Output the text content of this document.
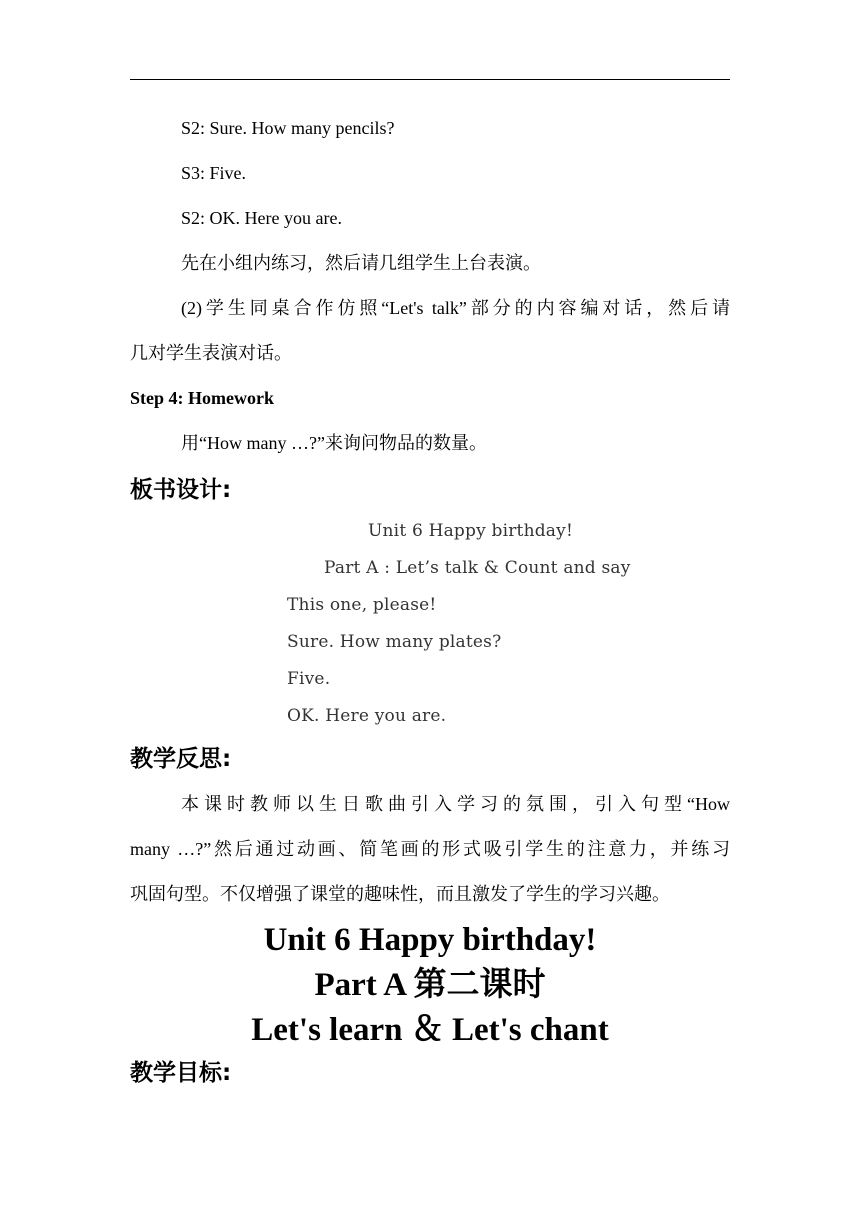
S2: Sure. How many pencils?
S3: Five.
S2: OK. Here you are.
先在小组内练习，然后请几组学生上台表演。
(2)学生同桌合作仿照“Let's talk”部分的内容编对话，然后请
几对学生表演对话。
Step 4: Homework
用“How many …?”来询问物品的数量。
板书设计:
Unit 6 Happy birthday!
Part A : Let’s talk & Count and say
This one, please!
Sure. How many plates?
Five.
OK. Here you are.
教学反思:
本课时教师以生日歌曲引入学习的氛围，引入句型“How
many …?”然后通过动画、简笔画的形式吸引学生的注意力，并练习
巩固句型。不仅增强了课堂的趣味性，而且激发了学生的学习兴趣。
Unit 6 Happy birthday!
Part A 第二课时
Let's learn ＆ Let's chant
教学目标:
